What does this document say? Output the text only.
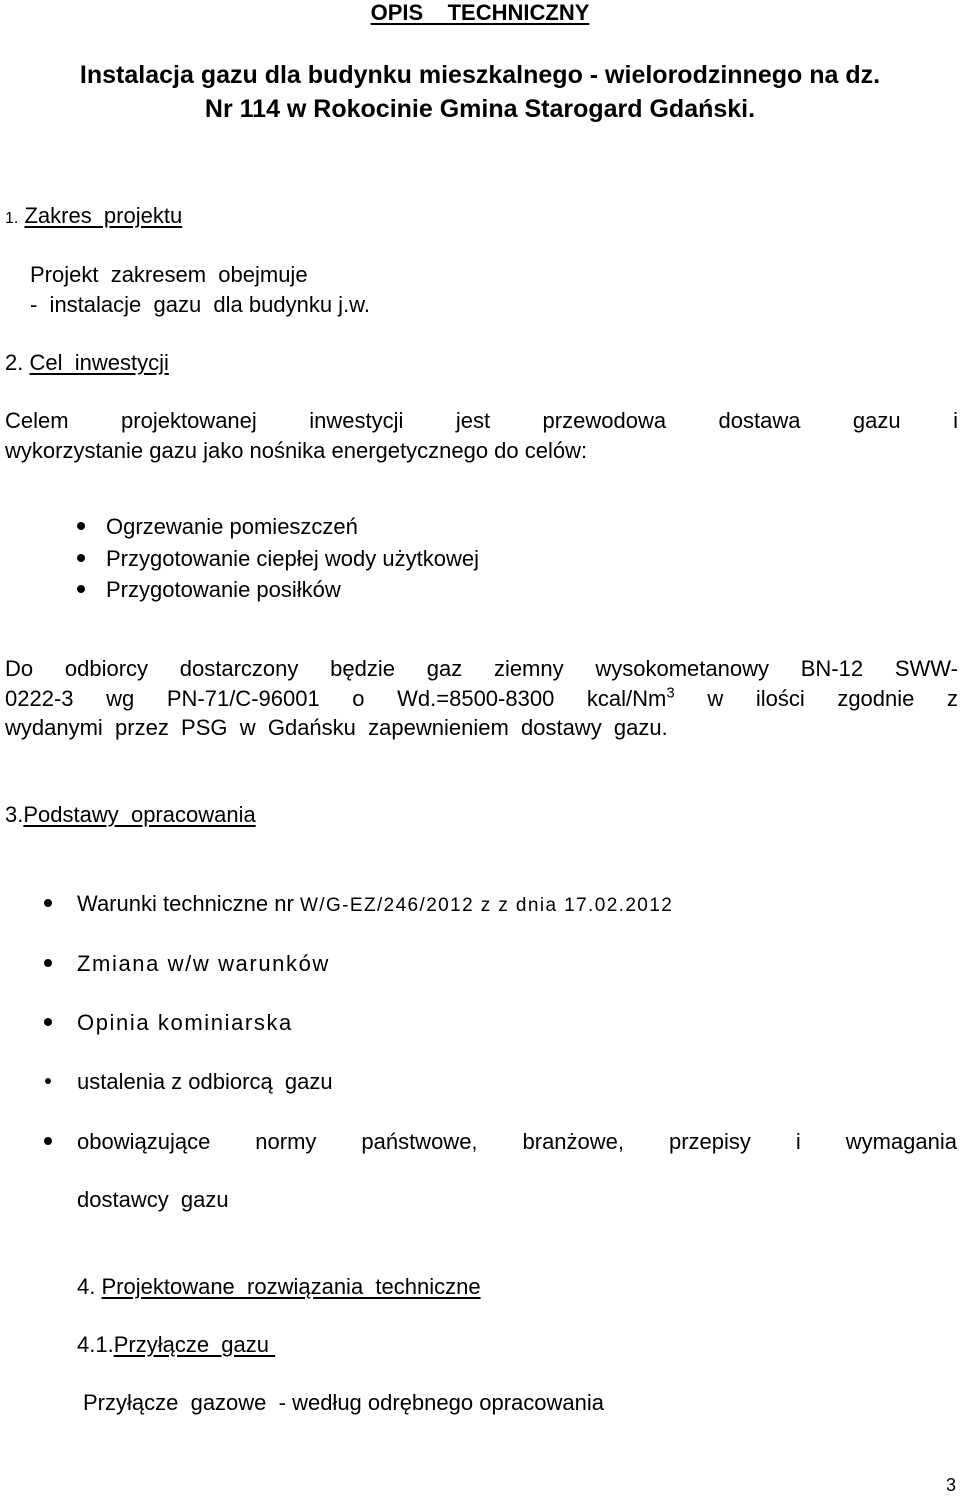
OPIS    TECHNICZNY
Instalacja gazu dla budynku mieszkalnego - wielorodzinnego na dz.
Nr 114 w Rokocinie Gmina Starogard Gdański.
1. Zakres  projektu
Projekt  zakresem  obejmuje
-  instalacje  gazu  dla budynku j.w.
2. Cel  inwestycji
Celem projektowanej inwestycji jest przewodowa dostawa gazu i
wykorzystanie gazu jako nośnika energetycznego do celów:
Ogrzewanie pomieszczeń
Przygotowanie ciepłej wody użytkowej
Przygotowanie posiłków
Do odbiorcy dostarczony będzie gaz ziemny wysokometanowy BN-12 SWW-
0222-3 wg PN-71/C-96001 o Wd.=8500-8300 kcal/Nm$^3$ w ilości zgodnie z
wydanymi  przez  PSG  w  Gdańsku  zapewnieniem  dostawy  gazu.
3.Podstawy  opracowania
Warunki techniczne nr W/G-EZ/246/2012 z z dnia 17.02.2012
Zmiana w/w warunków
Opinia kominiarska
ustalenia z odbiorcą  gazu
obowiązujące normy państwowe, branżowe, przepisy i wymagania
dostawcy  gazu
4. Projektowane  rozwiązania  techniczne
4.1.Przyłącze  gazu
Przyłącze  gazowe  - według odrębnego opracowania
3
